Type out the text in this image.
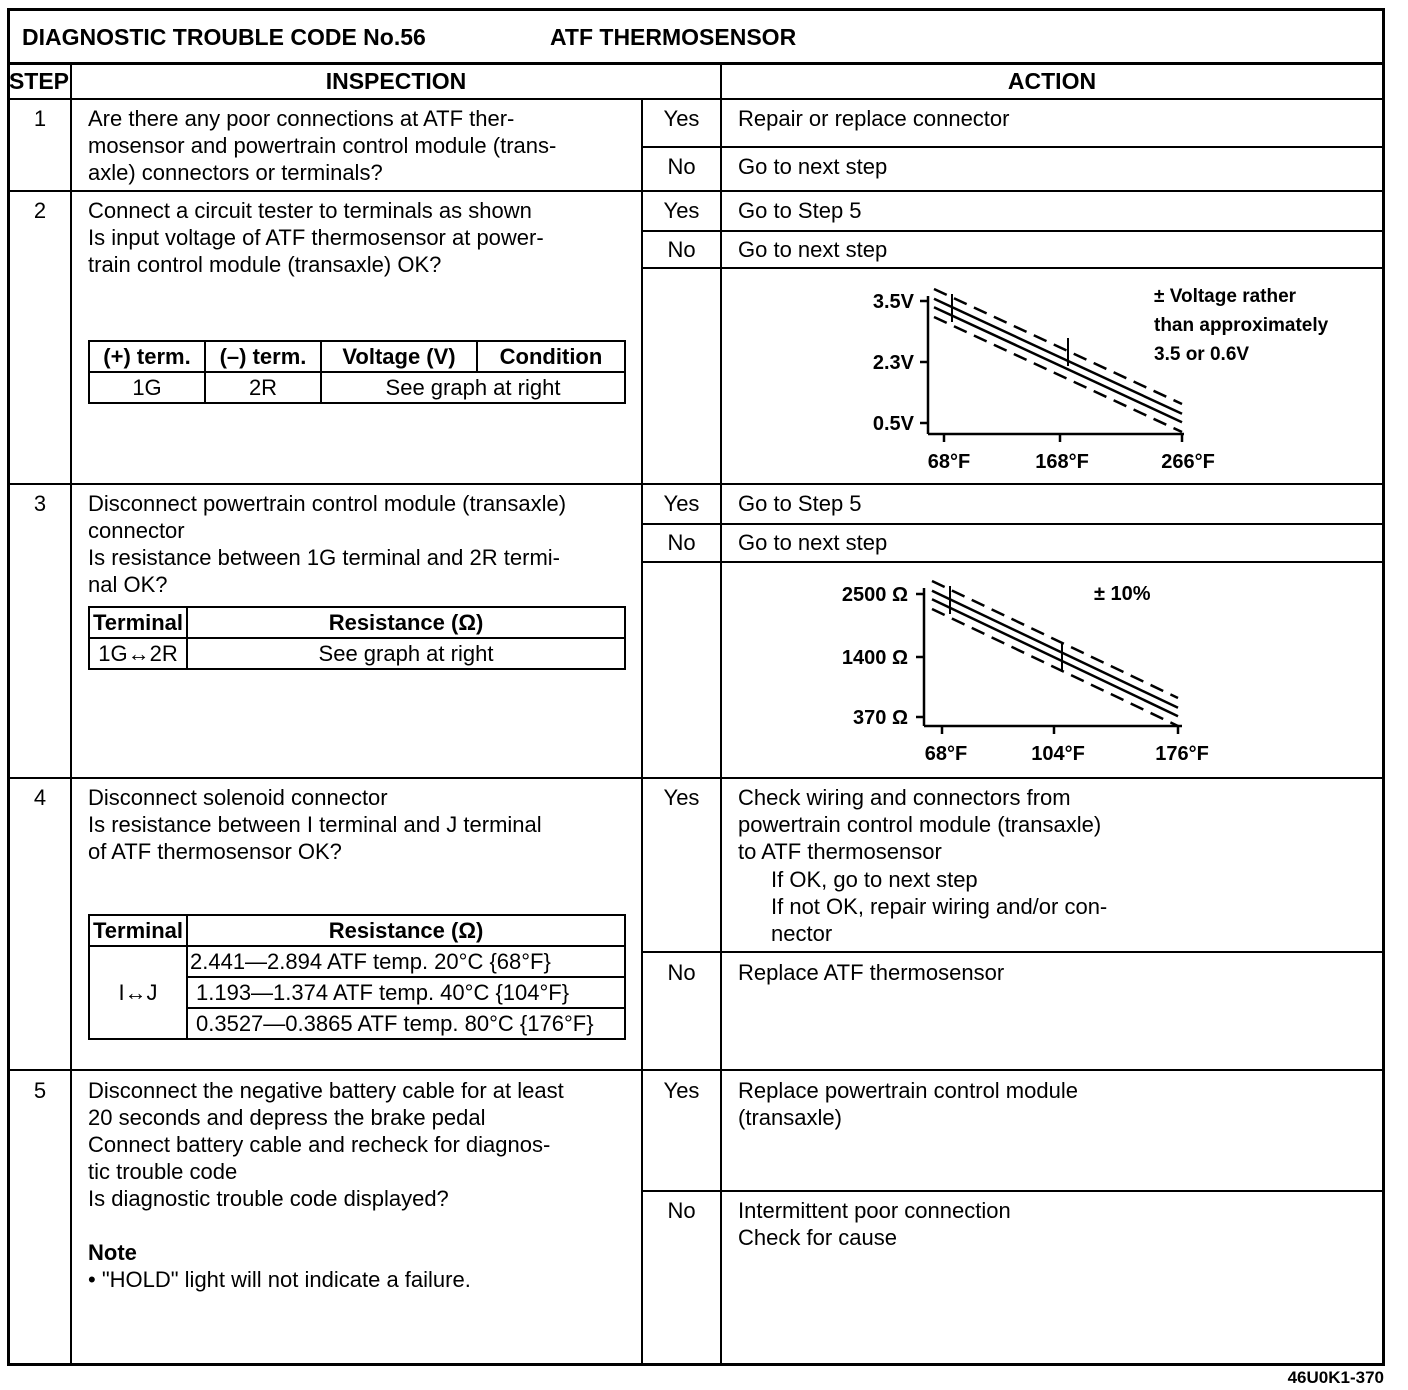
DIAGNOSTIC TROUBLE CODE No.56	ATF THERMOSENSOR
STEP	INSPECTION	ACTION
1	Are there any poor connections at ATF ther-
mosensor and powertrain control module (trans-
axle) connectors or terminals?
Yes	Repair or replace connector
No	Go to next step
2	Connect a circuit tester to terminals as shown
Is input voltage of ATF thermosensor at power-
train control module (transaxle) OK?
Yes	Go to Step 5
No	Go to next step
(+) term.	(–) term.	Voltage (V)	Condition
1G	2R	See graph at right	
3.5V
2.3V
0.5V
68°F	168°F	266°F
± Voltage rather
than approximately
3.5 or 0.6V
3	Disconnect powertrain control module (transaxle)
connector
Is resistance between 1G terminal and 2R termi-
nal OK?
Yes	Go to Step 5
No	Go to next step
Terminal	Resistance (Ω)
1G↔2R	See graph at right
2500 Ω
1400 Ω
370 Ω
68°F	104°F	176°F
± 10%
4	Disconnect solenoid connector
Is resistance between I terminal and J terminal
of ATF thermosensor OK?
Yes	Check wiring and connectors from
powertrain control module (transaxle)
to ATF thermosensor
If OK, go to next step
If not OK, repair wiring and/or con-
nector
No	Replace ATF thermosensor
Terminal	Resistance (Ω)
I↔J	2.441—2.894 ATF temp. 20°C {68°F}
	1.193—1.374 ATF temp. 40°C {104°F}
	0.3527—0.3865 ATF temp. 80°C {176°F}
5	Disconnect the negative battery cable for at least
20 seconds and depress the brake pedal
Connect battery cable and recheck for diagnos-
tic trouble code
Is diagnostic trouble code displayed?
Note
• "HOLD" light will not indicate a failure.
Yes	Replace powertrain control module
(transaxle)
No	Intermittent poor connection
Check for cause
46U0K1-370
